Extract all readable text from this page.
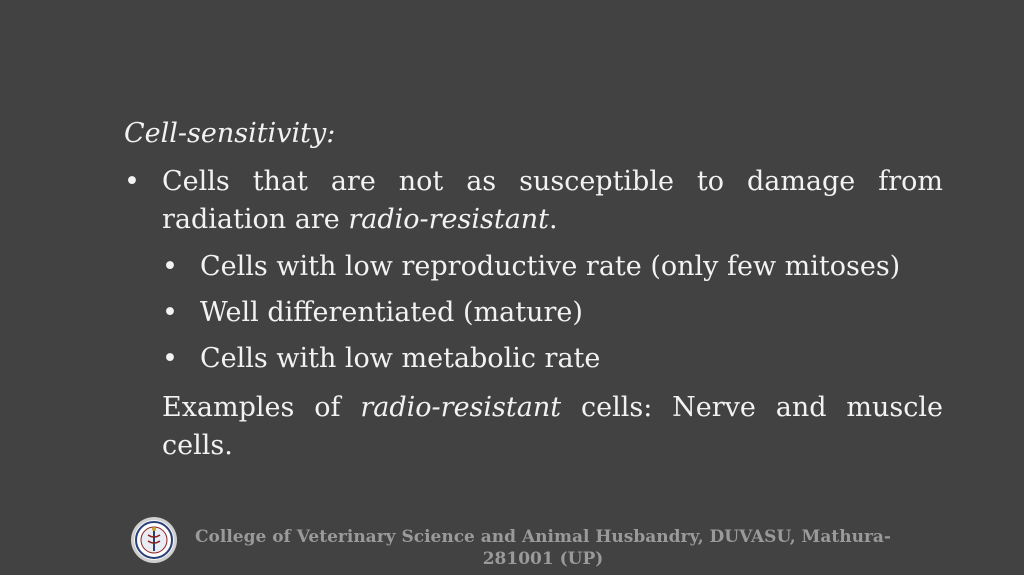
Cell-sensitivity:
• Cells that are not as susceptible to damage from radiation are radio-resistant.
• Cells with low reproductive rate (only few mitoses)
• Well differentiated (mature)
• Cells with low metabolic rate
Examples of radio-resistant cells: Nerve and muscle cells.
College of Veterinary Science and Animal Husbandry, DUVASU, Mathura-281001 (UP)
